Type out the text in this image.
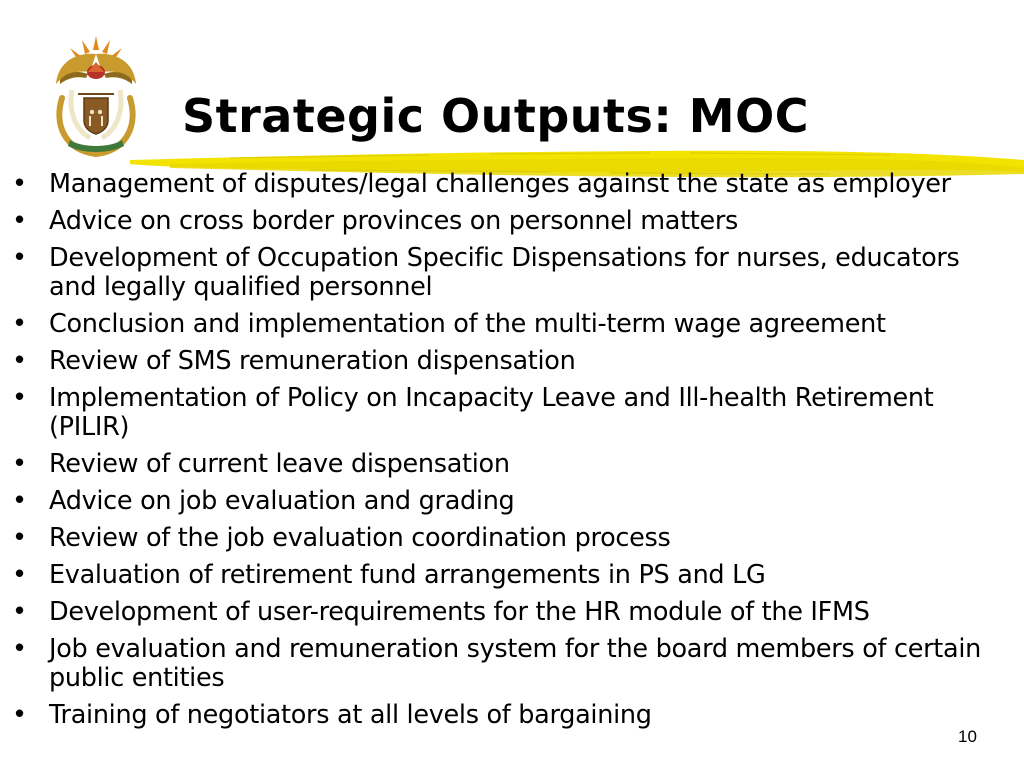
Strategic Outputs: MOC
• Management of disputes/legal challenges against the state as employer
• Advice on cross border provinces on personnel matters
• Development of Occupation Specific Dispensations for nurses, educators and legally qualified personnel
• Conclusion and implementation of the multi-term wage agreement
• Review of SMS remuneration dispensation
• Implementation of Policy on Incapacity Leave and Ill-health Retirement (PILIR)
• Review of current leave dispensation
• Advice on job evaluation and grading
• Review of the job evaluation coordination process
• Evaluation of retirement fund arrangements in PS and LG
• Development of user-requirements for the HR module of the IFMS
• Job evaluation and remuneration system for the board members of certain public entities
• Training of negotiators at all levels of bargaining
10
